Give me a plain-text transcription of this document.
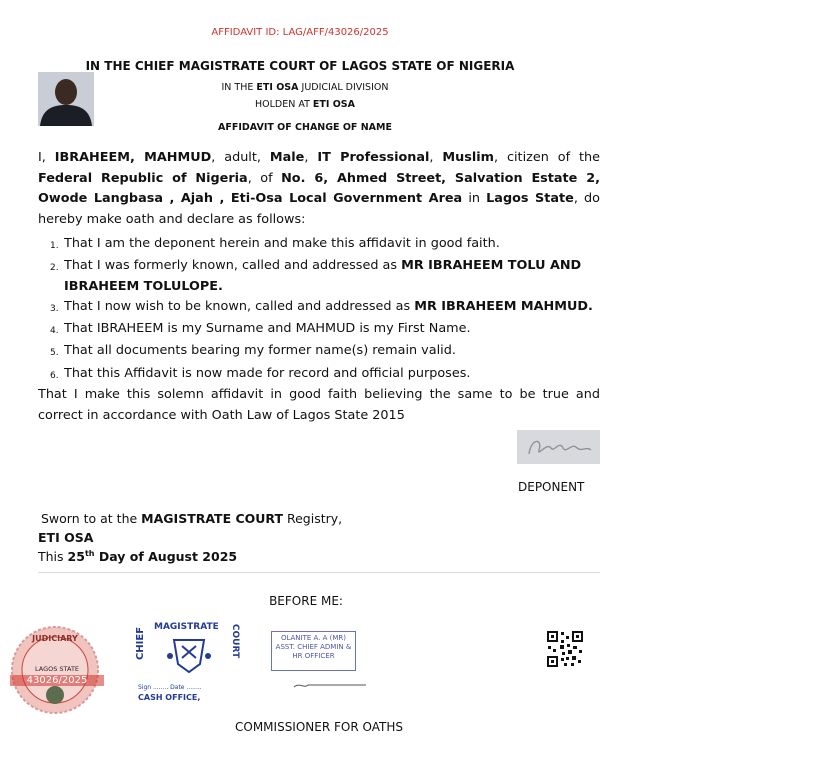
AFFIDAVIT ID: LAG/AFF/43026/2025
IN THE CHIEF MAGISTRATE COURT OF LAGOS STATE OF NIGERIA
IN THE ETI OSA JUDICIAL DIVISION
HOLDEN AT ETI OSA
AFFIDAVIT OF CHANGE OF NAME
I, IBRAHEEM, MAHMUD, adult, Male, IT Professional, Muslim, citizen of the Federal Republic of Nigeria, of No. 6, Ahmed Street, Salvation Estate 2, Owode Langbasa , Ajah , Eti-Osa Local Government Area in Lagos State, do hereby make oath and declare as follows:
1. That I am the deponent herein and make this affidavit in good faith.
2. That I was formerly known, called and addressed as MR IBRAHEEM TOLU AND IBRAHEEM TOLULOPE.
3. That I now wish to be known, called and addressed as MR IBRAHEEM MAHMUD.
4. That IBRAHEEM is my Surname and MAHMUD is my First Name.
5. That all documents bearing my former name(s) remain valid.
6. That this Affidavit is now made for record and official purposes.
That I make this solemn affidavit in good faith believing the same to be true and correct in accordance with Oath Law of Lagos State 2015
DEPONENT
Sworn to at the MAGISTRATE COURT Registry,
ETI OSA
This 25th Day of August 2025
BEFORE ME:
JUDICIARY
LAGOS STATE
43026/2025
MAGISTRATE
CHIEF	COURT
Sign ........ Date ........
CASH OFFICE,
OLANITE A. A (MR)
ASST. CHIEF ADMIN &
HR OFFICER
COMMISSIONER FOR OATHS
